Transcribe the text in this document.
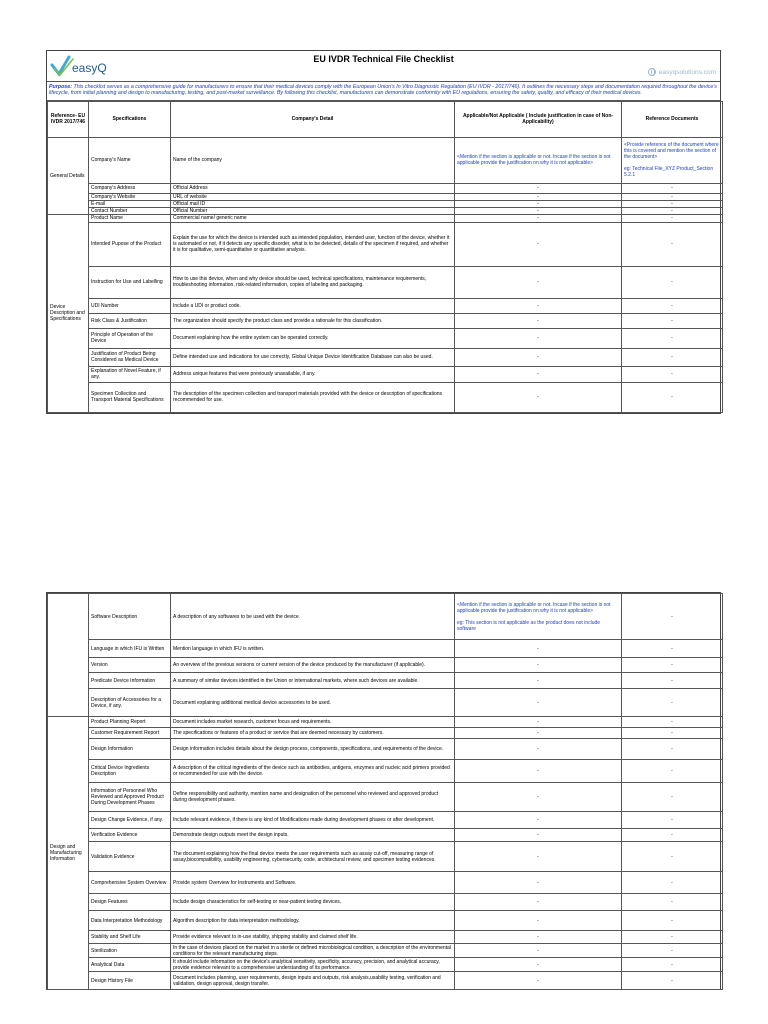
easyQ
EU IVDR Technical File Checklist
easyqsolutions.com
Purpose: This checklist serves as a comprehensive guide for manufacturers to ensure that their medical devices comply with the European Union's In Vitro Diagnostic Regulation (EU IVDR - 2017/746). It outlines the necessary steps and documentation required throughout the device's lifecycle, from initial planning and design to manufacturing, testing, and post-market surveillance. By following this checklist, manufacturers can demonstrate conformity with EU regulations, ensuring the safety, quality, and efficacy of their medical devices.
Reference- EU IVDR 2017/746	Specifications	Company's Detail	Applicable/Not Applicable ( Include justification in case of Non-Applicability)	Reference Documents
General Details	Company's Name	Name of the company	<Mention if the section is applicable or not. Incase if the section is not applicable provide the justification on why it is not applicable>	<Provide reference of the document where this is covered and mention the section of the document>

eg: Technical File_XYZ Product_Section 5.2.1

	Company's Address	Official Address	-	-
	Company's Website	URL of website	-	-
	E-mail	Official mail ID	-	-
	Contact Number	Official Number	-	-
Device Description and Specifications	Product Name	Commercial name/ generic name	-	-
	Intended Pupose of the Product	Explain the use for which the device is intended such as intended population, intended user, function of the device, whether it is automated or not, if it detects any specific disorder, what is to be detected, details of the specimen if required, and whether it is for qualitative, semi-quantitative or quantitative analysis.	-	-
	Instruction for Use and Labelling	How to use this device, when and why device should be used, technical specifications, maintenance requirements, troubleshooting information, risk-related information, copies of labeling and packaging.	-	-
	UDI Number	Include a UDI or product code.	-	-
	Risk Class & Justification	The organization should specify the product class and provide a rationale for this classification.	-	-
	Principle of Operation of the Device	Document explaining how the entire system can be operated correctly.	-	-
	Justification of Product Being Considered as Medical Device	Define intended use and indications for use correctly, Global Unique Device Identification Database can also be used.	-	-
	Explanation of Novel Feature, if any.	Address unique features that were previously unavailable, if any.	-	-
	Specimen Collection and Transport Material Specifications	The description of the specimen collection and transport materials provided with the device or description of specifications recommended for use.	-	-
	Software Description	A description of any softwares to be used with the device.	<Mention if the section is applicable or not. Incase if the section is not applicable provide the justification on why it is not applicable>

eg: This section is not applicable as the product does not include software	-
	Language in which IFU is Written	Mention language in which IFU is written.	-	-
	Version	An overview of the previous versions or current version of the device produced by the manufacturer (if applicable).	-	-
	Predicate Device Information	A summary of similar devices identified in the Union or international markets, where such devices are available.	-	-
	Description of Accessories for a Device, if any.	Document explaining additional medical device accessories to be used.	-	-
Design and Manufacturing Information	Product Planning Report	Document includes market research, customer focus and requirements.	-	-
	Customer Requirement Report	The specifications or features of a product or service that are deemed necessary by customers.	-	-
	Design Information	Design information includes details about the design process, components, specifications, and requirements of the device.	-	-
	Critical Device Ingredients Description	A description of the critical ingredients of the device such as antibodies, antigens, enzymes and nucleic acid primers provided or recommended for use with the device.	-	-
	Information of Personnel Who Reviewed and Approved Product During Development Phases	Define responsibility and authority, mention name and designation of the personnel who reviewed and approved product during development phases.	-	-
	Design Change Evidence, if any.	Include relevant evidence, if there is any kind of Modifications made during development phases or after development.	-	-
	Verification Evidence	Demonstrate design outputs meet the design inputs.	-	-
	Validation Evidence	The document explaining how the final device meets the user requirements such as assay cut-off, measuring range of assay,biocompatibility, usability engineering, cybersecurity, code, architectural review, and specimen testing evidences.	-	-
	Comprehensive System Overview	Provide system Overview for Instruments and Software.	-	-
	Design Features	Include design characteristics for self-testing or near-patient testing devices.	-	-
	Data Interpretation Methodology	Algorithm description for data interpretation methodology.	-	-
	Stability and Shelf Life	Provide evidence relevant to in-use stability, shipping stability and claimed shelf life.	-	-
	Sterilization	In the case of devices placed on the market in a sterile or defined microbiological condition, a description of the environmental conditions for the relevant manufacturing steps.	-	-
	Analytical Data	It should include information on the device's analytical sensitivity, specificity, accuracy, precision, and analytical accuracy, provide evidence relevant to a comprehensive understanding of its performance.	-	-
	Design History File	Document includes planning, user requirements, design inputs and outputs, risk analysis,usability testing, verification and validation, design approval, design transfer.	-	-
